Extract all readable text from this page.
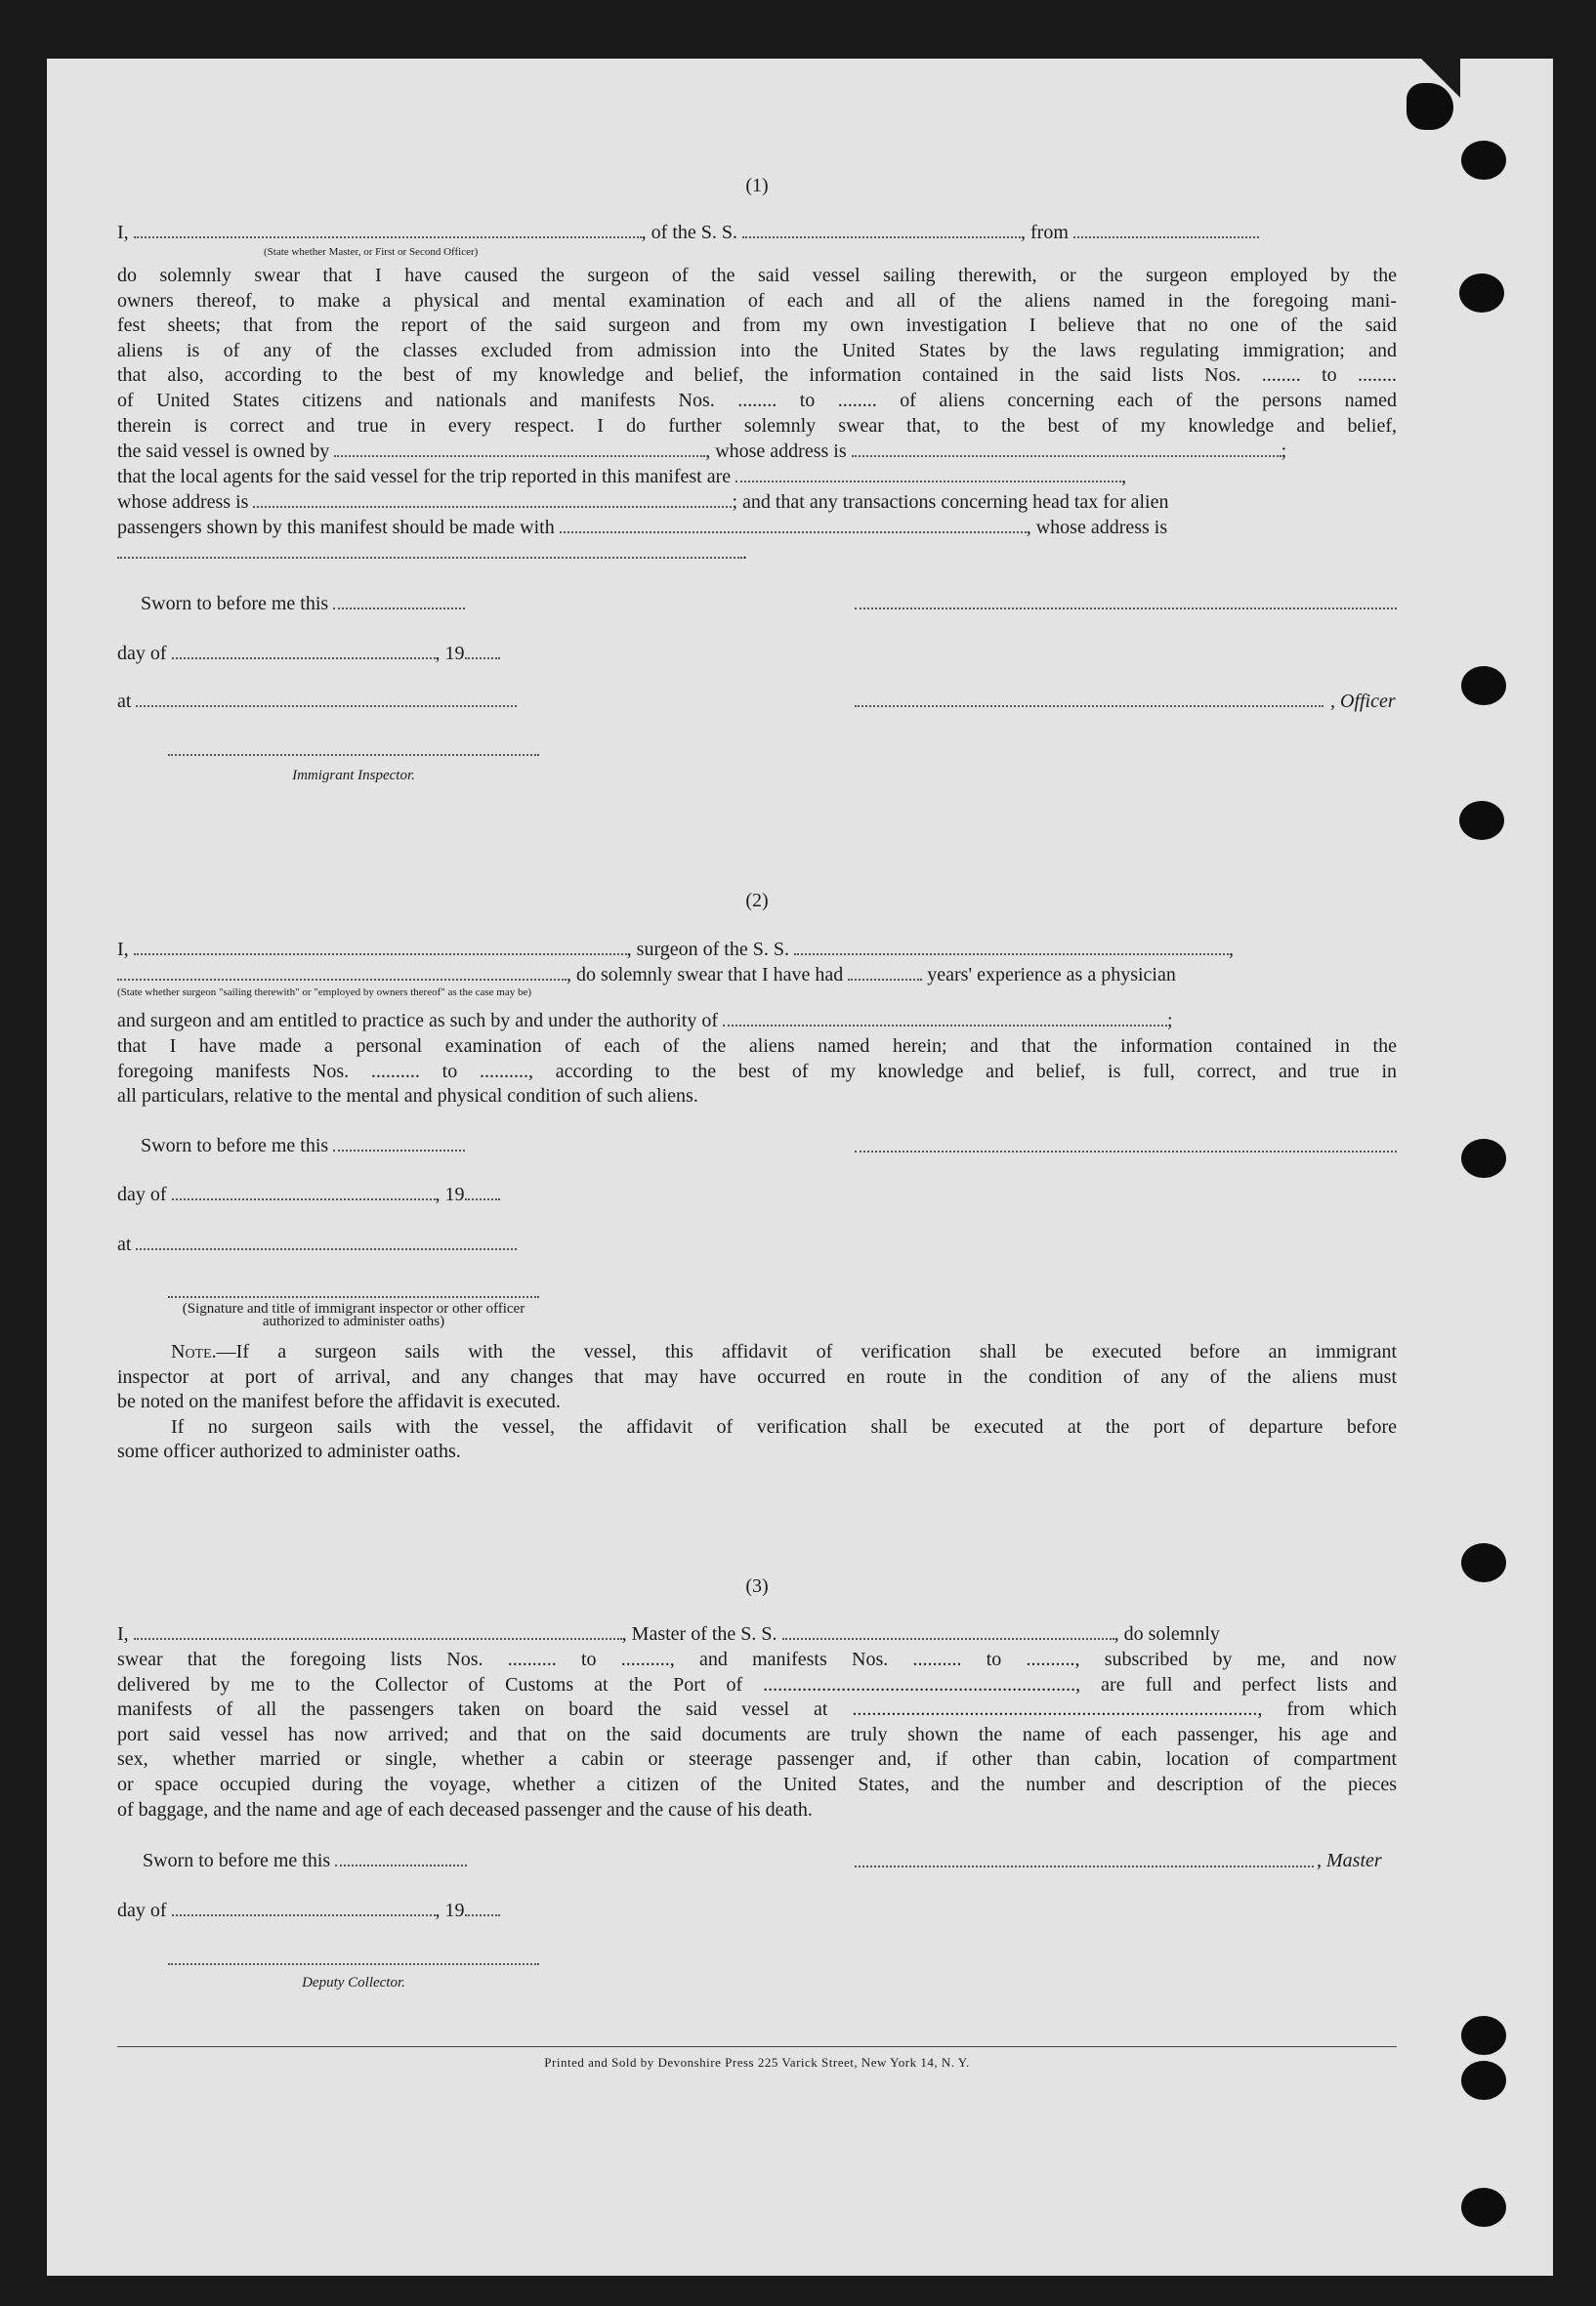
(1)
I,	, of the S. S.	, from
(State whether Master, or First or Second Officer)
do solemnly swear that I have caused the surgeon of the said vessel sailing therewith, or the surgeon employed by the
owners thereof, to make a physical and mental examination of each and all of the aliens named in the foregoing mani-
fest sheets; that from the report of the said surgeon and from my own investigation I believe that no one of the said
aliens is of any of the classes excluded from admission into the United States by the laws regulating immigration; and
that also, according to the best of my knowledge and belief, the information contained in the said lists Nos. ........ to ........
of United States citizens and nationals and manifests Nos. ........ to ........ of aliens concerning each of the persons named
therein is correct and true in every respect. I do further solemnly swear that, to the best of my knowledge and belief,
the said vessel is owned by	, whose address is	;
that the local agents for the said vessel for the trip reported in this manifest are	,
whose address is	; and that any transactions concerning head tax for alien
passengers shown by this manifest should be made with	, whose address is
.
Sworn to before me this
day of	, 19
at	, Officer
Immigrant Inspector.
(2)
I,	, surgeon of the S. S.	,
, do solemnly swear that I have had	years' experience as a physician
(State whether surgeon "sailing therewith" or "employed by owners thereof" as the case may be)
and surgeon and am entitled to practice as such by and under the authority of	;
that I have made a personal examination of each of the aliens named herein; and that the information contained in the
foregoing manifests Nos. .......... to .........., according to the best of my knowledge and belief, is full, correct, and true in
all particulars, relative to the mental and physical condition of such aliens.
Sworn to before me this
day of	, 19
at
(Signature and title of immigrant inspector or other officer authorized to administer oaths)
Note.—If a surgeon sails with the vessel, this affidavit of verification shall be executed before an immigrant
inspector at port of arrival, and any changes that may have occurred en route in the condition of any of the aliens must
be noted on the manifest before the affidavit is executed.
If no surgeon sails with the vessel, the affidavit of verification shall be executed at the port of departure before
some officer authorized to administer oaths.
(3)
I,	, Master of the S. S.	, do solemnly
swear that the foregoing lists Nos. .......... to .........., and manifests Nos. .......... to .........., subscribed by me, and now
delivered by me to the Collector of Customs at the Port of ................................................................, are full and perfect lists and
manifests of all the passengers taken on board the said vessel at ..................................................................................., from which
port said vessel has now arrived; and that on the said documents are truly shown the name of each passenger, his age and
sex, whether married or single, whether a cabin or steerage passenger and, if other than cabin, location of compartment
or space occupied during the voyage, whether a citizen of the United States, and the number and description of the pieces
of baggage, and the name and age of each deceased passenger and the cause of his death.
Sworn to before me this	, Master
day of	, 19
Deputy Collector.
Printed and Sold by Devonshire Press 225 Varick Street, New York 14, N. Y.
